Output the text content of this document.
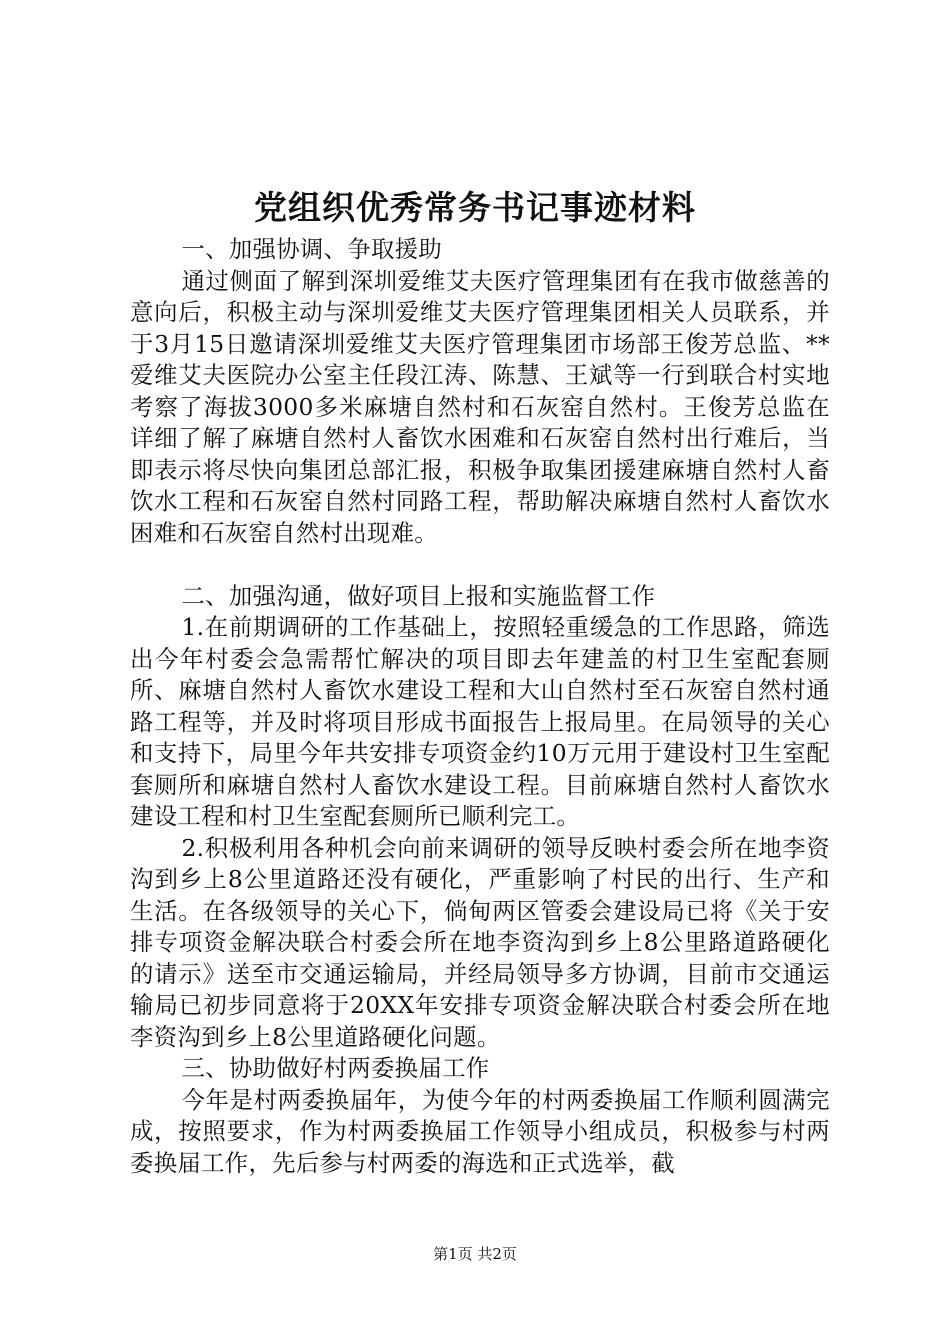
党组织优秀常务书记事迹材料

一、加强协调、争取援助

通过侧面了解到深圳爱维艾夫医疗管理集团有在我市做慈善的意向后，积极主动与深圳爱维艾夫医疗管理集团相关人员联系，并于3月15日邀请深圳爱维艾夫医疗管理集团市场部王俊芳总监、**爱维艾夫医院办公室主任段江涛、陈慧、王斌等一行到联合村实地考察了海拔3000多米麻塘自然村和石灰窑自然村。王俊芳总监在详细了解了麻塘自然村人畜饮水困难和石灰窑自然村出行难后，当即表示将尽快向集团总部汇报，积极争取集团援建麻塘自然村人畜饮水工程和石灰窑自然村同路工程，帮助解决麻塘自然村人畜饮水困难和石灰窑自然村出现难。

二、加强沟通，做好项目上报和实施监督工作

1.在前期调研的工作基础上，按照轻重缓急的工作思路，筛选出今年村委会急需帮忙解决的项目即去年建盖的村卫生室配套厕所、麻塘自然村人畜饮水建设工程和大山自然村至石灰窑自然村通路工程等，并及时将项目形成书面报告上报局里。在局领导的关心和支持下，局里今年共安排专项资金约10万元用于建设村卫生室配套厕所和麻塘自然村人畜饮水建设工程。目前麻塘自然村人畜饮水建设工程和村卫生室配套厕所已顺利完工。

2.积极利用各种机会向前来调研的领导反映村委会所在地李资沟到乡上8公里道路还没有硬化，严重影响了村民的出行、生产和生活。在各级领导的关心下，倘甸两区管委会建设局已将《关于安排专项资金解决联合村委会所在地李资沟到乡上8公里路道路硬化的请示》送至市交通运输局，并经局领导多方协调，目前市交通运输局已初步同意将于20XX年安排专项资金解决联合村委会所在地李资沟到乡上8公里道路硬化问题。

三、协助做好村两委换届工作

今年是村两委换届年，为使今年的村两委换届工作顺利圆满完成，按照要求，作为村两委换届工作领导小组成员，积极参与村两委换届工作，先后参与村两委的海选和正式选举，截

第1页 共2页
